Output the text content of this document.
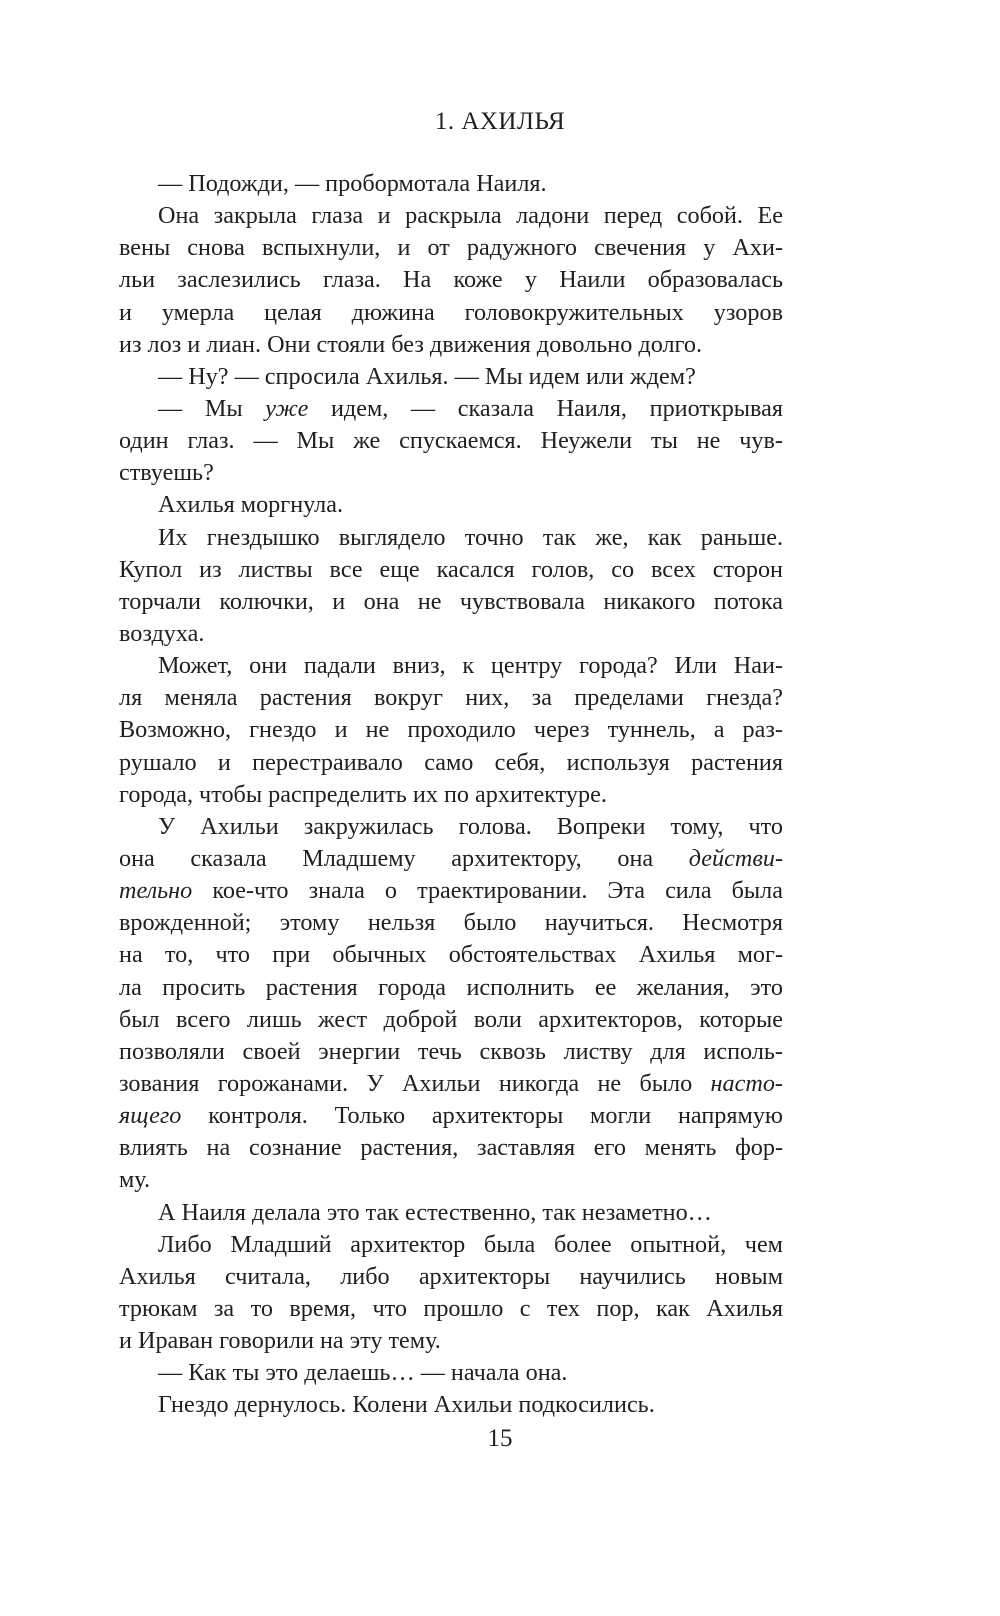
1. АХИЛЬЯ
— Подожди, — пробормотала Наиля.
Она закрыла глаза и раскрыла ладони перед собой. Ее
вены снова вспыхнули, и от радужного свечения у Ахи-
льи заслезились глаза. На коже у Наили образовалась
и умерла целая дюжина головокружительных узоров
из лоз и лиан. Они стояли без движения довольно долго.
— Ну? — спросила Ахилья. — Мы идем или ждем?
— Мы уже идем, — сказала Наиля, приоткрывая
один глаз. — Мы же спускаемся. Неужели ты не чув-
ствуешь?
Ахилья моргнула.
Их гнездышко выглядело точно так же, как раньше.
Купол из листвы все еще касался голов, со всех сторон
торчали колючки, и она не чувствовала никакого потока
воздуха.
Может, они падали вниз, к центру города? Или Наи-
ля меняла растения вокруг них, за пределами гнезда?
Возможно, гнездо и не проходило через туннель, а раз-
рушало и перестраивало само себя, используя растения
города, чтобы распределить их по архитектуре.
У Ахильи закружилась голова. Вопреки тому, что
она сказала Младшему архитектору, она действи-
тельно кое-что знала о траектировании. Эта сила была
врожденной; этому нельзя было научиться. Несмотря
на то, что при обычных обстоятельствах Ахилья мог-
ла просить растения города исполнить ее желания, это
был всего лишь жест доброй воли архитекторов, которые
позволяли своей энергии течь сквозь листву для исполь-
зования горожанами. У Ахильи никогда не было насто-
ящего контроля. Только архитекторы могли напрямую
влиять на сознание растения, заставляя его менять фор-
му.
А Наиля делала это так естественно, так незаметно…
Либо Младший архитектор была более опытной, чем
Ахилья считала, либо архитекторы научились новым
трюкам за то время, что прошло с тех пор, как Ахилья
и Ираван говорили на эту тему.
— Как ты это делаешь… — начала она.
Гнездо дернулось. Колени Ахильи подкосились.
15
